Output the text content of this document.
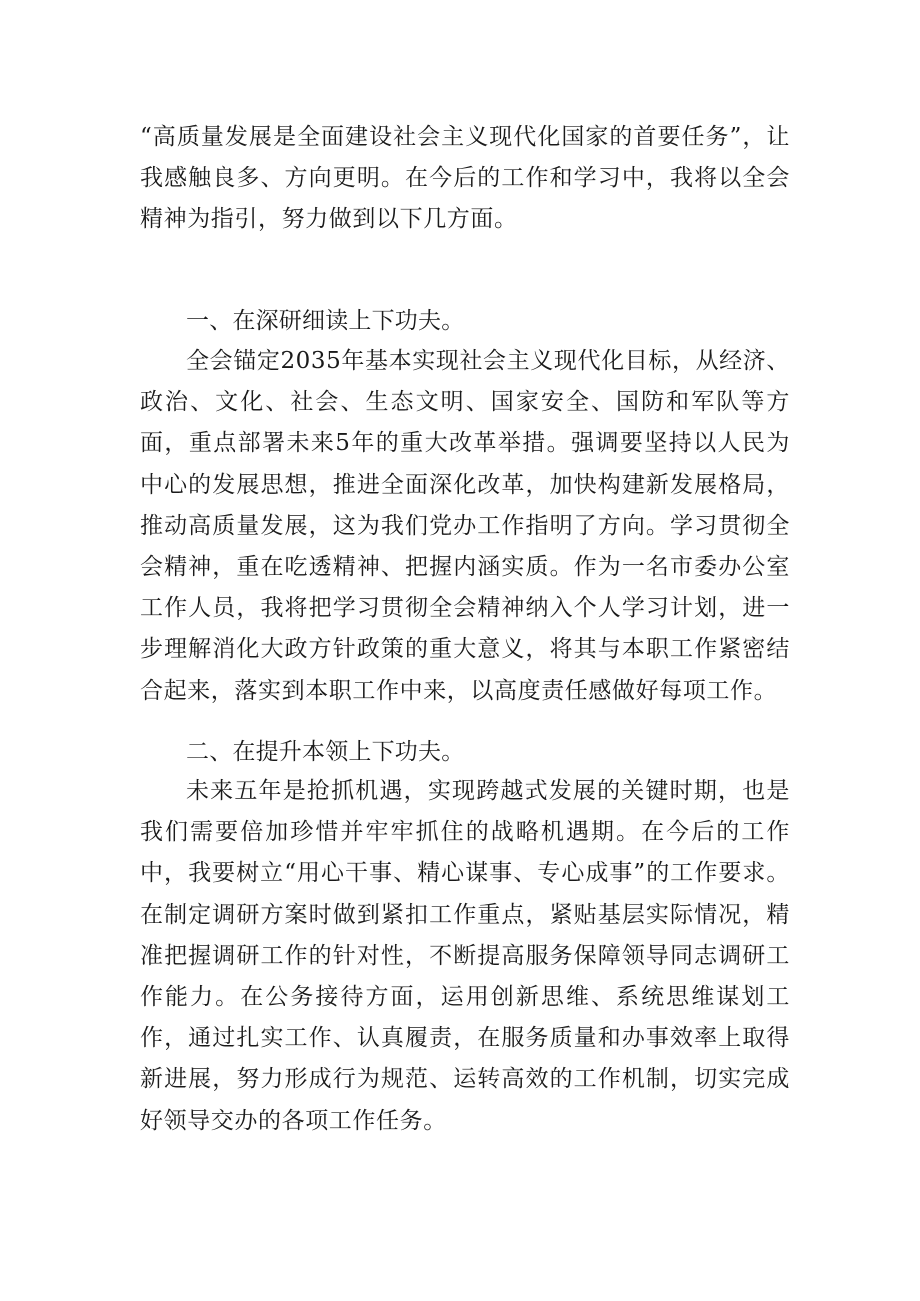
“高质量发展是全面建设社会主义现代化国家的首要任务”，让我感触良多、方向更明。在今后的工作和学习中，我将以全会精神为指引，努力做到以下几方面。

一、在深研细读上下功夫。

全会锚定2035年基本实现社会主义现代化目标，从经济、政治、文化、社会、生态文明、国家安全、国防和军队等方面，重点部署未来5年的重大改革举措。强调要坚持以人民为中心的发展思想，推进全面深化改革，加快构建新发展格局，推动高质量发展，这为我们党办工作指明了方向。学习贯彻全会精神，重在吃透精神、把握内涵实质。作为一名市委办公室工作人员，我将把学习贯彻全会精神纳入个人学习计划，进一步理解消化大政方针政策的重大意义，将其与本职工作紧密结合起来，落实到本职工作中来，以高度责任感做好每项工作。

二、在提升本领上下功夫。

未来五年是抢抓机遇，实现跨越式发展的关键时期，也是我们需要倍加珍惜并牢牢抓住的战略机遇期。在今后的工作中，我要树立“用心干事、精心谋事、专心成事”的工作要求。在制定调研方案时做到紧扣工作重点，紧贴基层实际情况，精准把握调研工作的针对性，不断提高服务保障领导同志调研工作能力。在公务接待方面，运用创新思维、系统思维谋划工作，通过扎实工作、认真履责，在服务质量和办事效率上取得新进展，努力形成行为规范、运转高效的工作机制，切实完成好领导交办的各项工作任务。
